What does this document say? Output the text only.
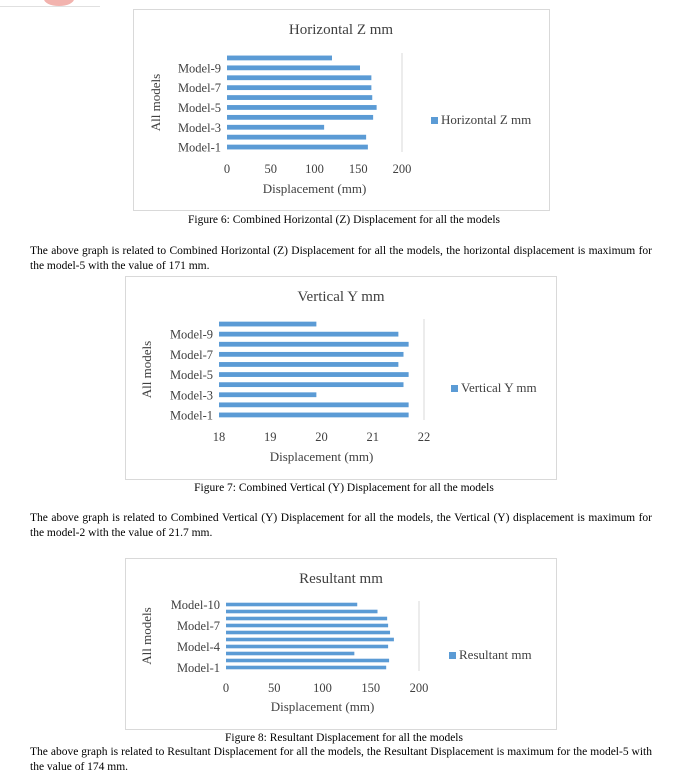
Horizontal Z mm
Model-1
Model-3
Model-5
Model-7
Model-9
0	50 100 150 200
Displacement (mm)
All models	Horizontal Z mm
Figure 6: Combined Horizontal (Z) Displacement for all the models

The above graph is related to Combined Horizontal (Z) Displacement for all the models, the horizontal displacement is maximum for the model-5 with the value of 171 mm.

Vertical Y mm
Model-1
Model-3
Model-5
Model-7
Model-9
18	19	20	21	22
Displacement (mm)
All models	Vertical Y mm
Figure 7: Combined Vertical (Y) Displacement for all the models

The above graph is related to Combined Vertical (Y) Displacement for all the models, the Vertical (Y) displacement is maximum for the model-2 with the value of 21.7 mm.

Resultant mm
Model-1
Model-4
Model-7
Model-10
0	50	100 150 200
Displacement (mm)
All models	Resultant mm
Figure 8: Resultant Displacement for all the models

The above graph is related to Resultant Displacement for all the models, the Resultant Displacement is maximum for the model-5 with the value of 174 mm.
